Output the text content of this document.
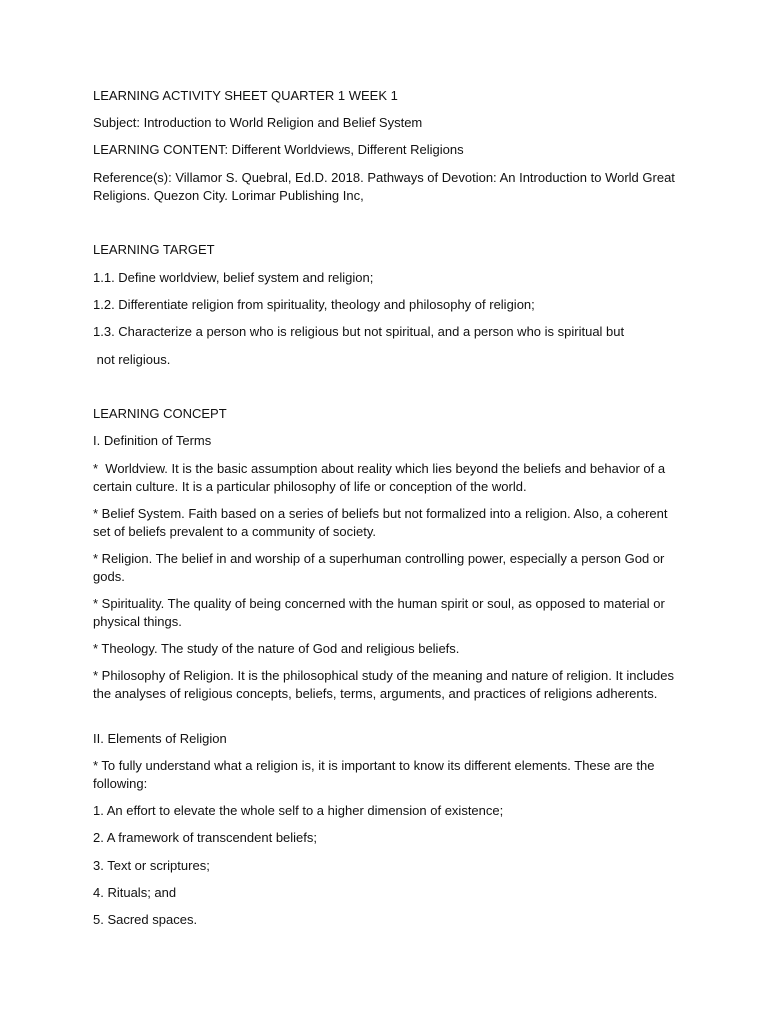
LEARNING ACTIVITY SHEET QUARTER 1 WEEK 1

Subject: Introduction to World Religion and Belief System

LEARNING CONTENT: Different Worldviews, Different Religions

Reference(s): Villamor S. Quebral, Ed.D. 2018. Pathways of Devotion: An Introduction to World Great Religions. Quezon City. Lorimar Publishing Inc,

LEARNING TARGET

1.1. Define worldview, belief system and religion;

1.2. Differentiate religion from spirituality, theology and philosophy of religion;

1.3. Characterize a person who is religious but not spiritual, and a person who is spiritual but

not religious.

LEARNING CONCEPT

I. Definition of Terms

*  Worldview. It is the basic assumption about reality which lies beyond the beliefs and behavior of a certain culture. It is a particular philosophy of life or conception of the world.

* Belief System. Faith based on a series of beliefs but not formalized into a religion. Also, a coherent set of beliefs prevalent to a community of society.

* Religion. The belief in and worship of a superhuman controlling power, especially a person God or gods.

* Spirituality. The quality of being concerned with the human spirit or soul, as opposed to material or physical things.

* Theology. The study of the nature of God and religious beliefs.

* Philosophy of Religion. It is the philosophical study of the meaning and nature of religion. It includes the analyses of religious concepts, beliefs, terms, arguments, and practices of religions adherents.

II. Elements of Religion

* To fully understand what a religion is, it is important to know its different elements. These are the following:

1. An effort to elevate the whole self to a higher dimension of existence;

2. A framework of transcendent beliefs;

3. Text or scriptures;

4. Rituals; and

5. Sacred spaces.
